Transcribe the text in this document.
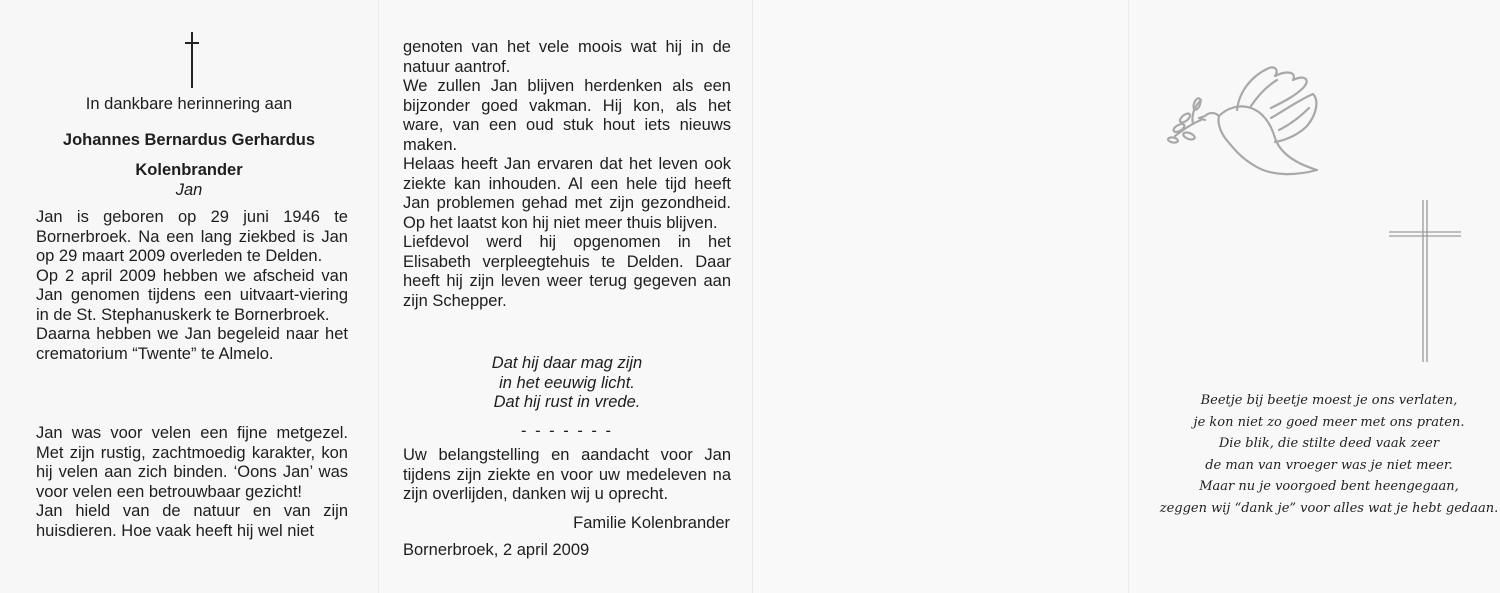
In dankbare herinnering aan
Johannes Bernardus Gerhardus
Kolenbrander
Jan

Jan is geboren op 29 juni 1946 te Bornerbroek. Na een lang ziekbed is Jan op 29 maart 2009 overleden te Delden.
Op 2 april 2009 hebben we afscheid van Jan genomen tijdens een uitvaart-viering in de St. Stephanuskerk te Bornerbroek.
Daarna hebben we Jan begeleid naar het crematorium “Twente” te Almelo.

Jan was voor velen een fijne metgezel. Met zijn rustig, zachtmoedig karakter, kon hij velen aan zich binden. ‘Oons Jan’ was voor velen een betrouwbaar gezicht!
Jan hield van de natuur en van zijn huisdieren. Hoe vaak heeft hij wel niet

genoten van het vele moois wat hij in de natuur aantrof.
We zullen Jan blijven herdenken als een bijzonder goed vakman. Hij kon, als het ware, van een oud stuk hout iets nieuws maken.
Helaas heeft Jan ervaren dat het leven ook ziekte kan inhouden. Al een hele tijd heeft Jan problemen gehad met zijn gezondheid. Op het laatst kon hij niet meer thuis blijven.
Liefdevol werd hij opgenomen in het Elisabeth verpleegtehuis te Delden. Daar heeft hij zijn leven weer terug gegeven aan zijn Schepper.

Dat hij daar mag zijn
in het eeuwig licht.
Dat hij rust in vrede.
- - - - - - -

Uw belangstelling en aandacht voor Jan tijdens zijn ziekte en voor uw medeleven na zijn overlijden, danken wij u oprecht.

Familie Kolenbrander
Bornerbroek, 2 april 2009
Beetje bij beetje moest je ons verlaten,
je kon niet zo goed meer met ons praten.
Die blik, die stilte deed vaak zeer
de man van vroeger was je niet meer.
Maar nu je voorgoed bent heengegaan,
zeggen wij “dank je” voor alles wat je hebt gedaan.
